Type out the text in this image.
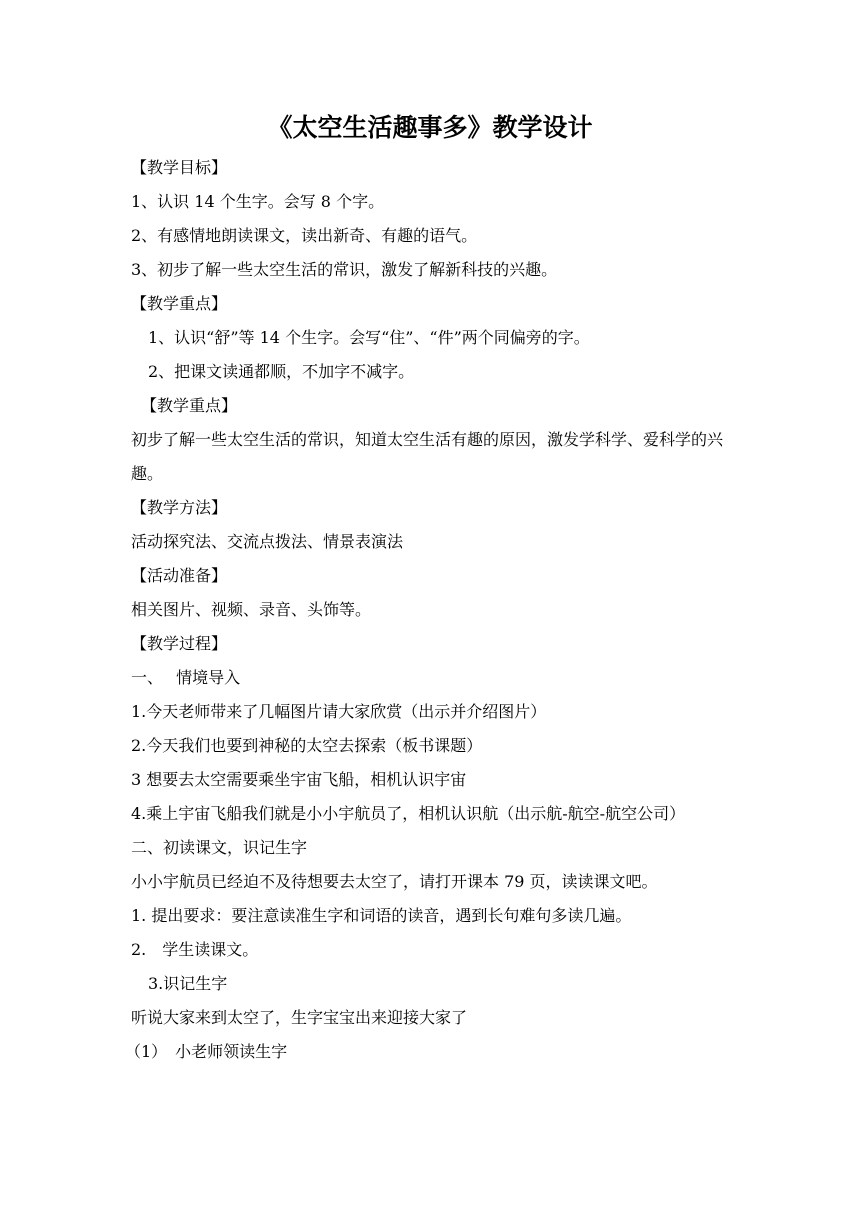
《太空生活趣事多》教学设计
【教学目标】
1、认识 14 个生字。会写 8 个字。
2、有感情地朗读课文，读出新奇、有趣的语气。
3、初步了解一些太空生活的常识，激发了解新科技的兴趣。
【教学重点】
1、认识“舒”等 14 个生字。会写“住”、“件”两个同偏旁的字。
2、把课文读通都顺，不加字不减字。
【教学重点】
初步了解一些太空生活的常识，知道太空生活有趣的原因，激发学科学、爱科学的兴趣。
【教学方法】
活动探究法、交流点拨法、情景表演法
【活动准备】
相关图片、视频、录音、头饰等。
【教学过程】
一、　 情境导入
1.今天老师带来了几幅图片请大家欣赏（出示并介绍图片）
2.今天我们也要到神秘的太空去探索（板书课题）
3 想要去太空需要乘坐宇宙飞船，相机认识宇宙
4.乘上宇宙飞船我们就是小小宇航员了，相机认识航（出示航-航空-航空公司）
二、初读课文，识记生字
小小宇航员已经迫不及待想要去太空了，请打开课本 79 页，读读课文吧。
1. 提出要求：要注意读准生字和词语的读音，遇到长句难句多读几遍。
2.　学生读课文。
3.识记生字
听说大家来到太空了，生字宝宝出来迎接大家了
（1）　小老师领读生字
